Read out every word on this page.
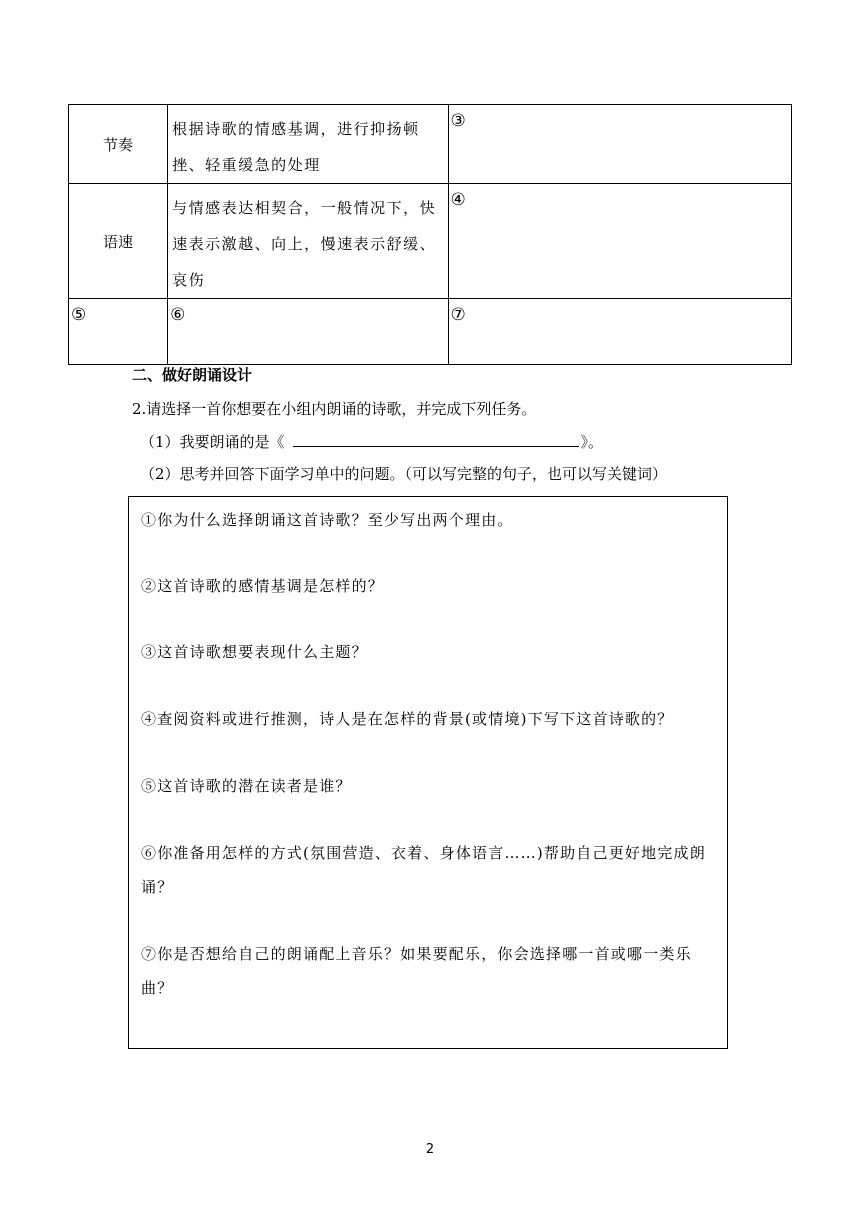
节奏	根据诗歌的情感基调，进行抑扬顿挫、轻重缓急的处理	③

语速	与情感表达相契合，一般情况下，快速表示激越、向上，慢速表示舒缓、哀伤	④

⑤	⑥	⑦
二、做好朗诵设计
2.请选择一首你想要在小组内朗诵的诗歌，并完成下列任务。
（1）我要朗诵的是《	》。
（2）思考并回答下面学习单中的问题。（可以写完整的句子，也可以写关键词）
①你为什么选择朗诵这首诗歌？至少写出两个理由。
②这首诗歌的感情基调是怎样的？
③这首诗歌想要表现什么主题？
④查阅资料或进行推测，诗人是在怎样的背景(或情境)下写下这首诗歌的？
⑤这首诗歌的潜在读者是谁？
⑥你准备用怎样的方式(氛围营造、衣着、身体语言……)帮助自己更好地完成朗诵？
⑦你是否想给自己的朗诵配上音乐？如果要配乐，你会选择哪一首或哪一类乐曲？
2
